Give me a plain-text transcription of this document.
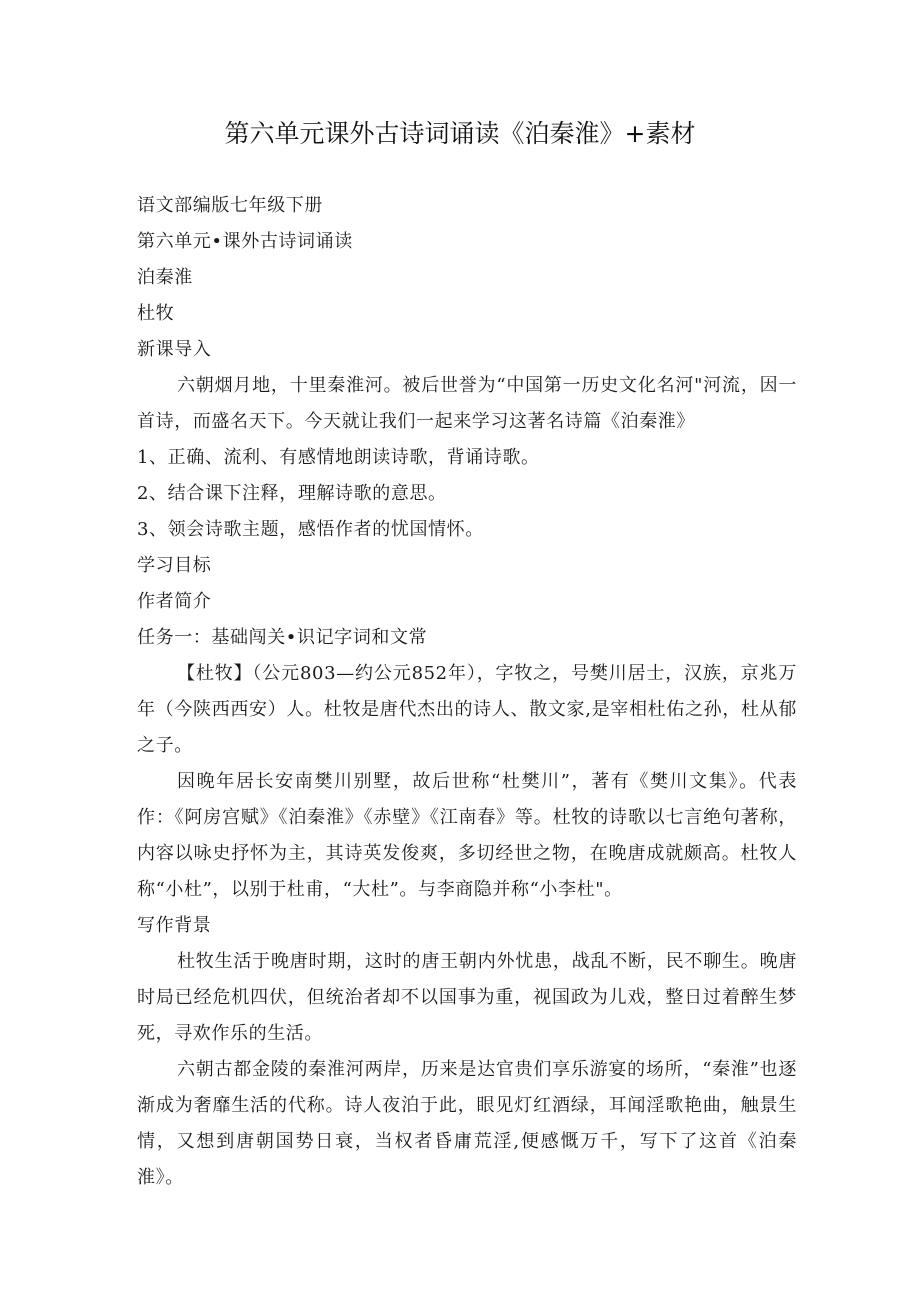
第六单元课外古诗词诵读《泊秦淮》+素材

语文部编版七年级下册

第六单元•课外古诗词诵读

泊秦淮

杜牧

新课导入

六朝烟月地，十里秦淮河。被后世誉为“中国第一历史文化名河"河流，因一首诗，而盛名天下。今天就让我们一起来学习这著名诗篇《泊秦淮》

1、正确、流利、有感情地朗读诗歌，背诵诗歌。

2、结合课下注释，理解诗歌的意思。

3、领会诗歌主题，感悟作者的忧国情怀。

学习目标

作者简介

任务一：基础闯关•识记字词和文常

【杜牧】（公元803—约公元852年），字牧之，号樊川居士，汉族，京兆万年（今陕西西安）人。杜牧是唐代杰出的诗人、散文家,是宰相杜佑之孙，杜从郁之子。

因晚年居长安南樊川别墅，故后世称“杜樊川”，著有《樊川文集》。代表作：《阿房宫赋》《泊秦淮》《赤壁》《江南春》等。杜牧的诗歌以七言绝句著称，内容以咏史抒怀为主，其诗英发俊爽，多切经世之物，在晚唐成就颇高。杜牧人称“小杜”，以别于杜甫，“大杜”。与李商隐并称“小李杜"。

写作背景

杜牧生活于晚唐时期，这时的唐王朝内外忧患，战乱不断，民不聊生。晚唐时局已经危机四伏，但统治者却不以国事为重，视国政为儿戏，整日过着醉生梦死，寻欢作乐的生活。

六朝古都金陵的秦淮河两岸，历来是达官贵们享乐游宴的场所，“秦淮”也逐渐成为奢靡生活的代称。诗人夜泊于此，眼见灯红酒绿，耳闻淫歌艳曲，触景生情，又想到唐朝国势日衰，当权者昏庸荒淫,便感慨万千，写下了这首《泊秦淮》。
